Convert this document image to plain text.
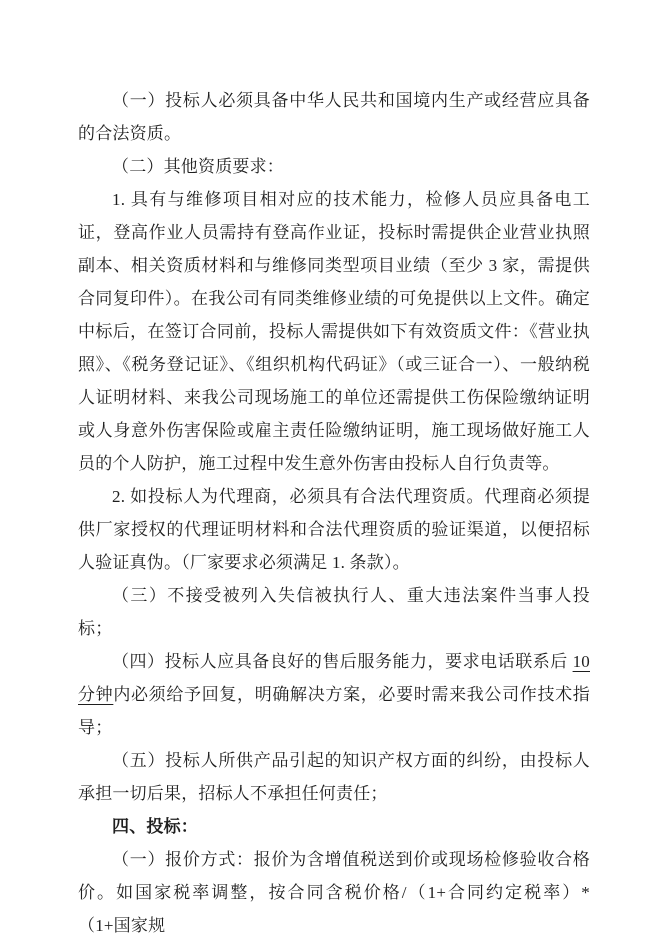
（一）投标人必须具备中华人民共和国境内生产或经营应具备的合法资质。

（二）其他资质要求：

1. 具有与维修项目相对应的技术能力，检修人员应具备电工证，登高作业人员需持有登高作业证，投标时需提供企业营业执照副本、相关资质材料和与维修同类型项目业绩（至少 3 家，需提供合同复印件）。在我公司有同类维修业绩的可免提供以上文件。确定中标后，在签订合同前，投标人需提供如下有效资质文件：《营业执照》、《税务登记证》、《组织机构代码证》（或三证合一）、一般纳税人证明材料、来我公司现场施工的单位还需提供工伤保险缴纳证明或人身意外伤害保险或雇主责任险缴纳证明，施工现场做好施工人员的个人防护，施工过程中发生意外伤害由投标人自行负责等。

2. 如投标人为代理商，必须具有合法代理资质。代理商必须提供厂家授权的代理证明材料和合法代理资质的验证渠道，以便招标人验证真伪。（厂家要求必须满足 1. 条款）。

（三）不接受被列入失信被执行人、重大违法案件当事人投标；

（四）投标人应具备良好的售后服务能力，要求电话联系后 10 分钟内必须给予回复，明确解决方案，必要时需来我公司作技术指导；

（五）投标人所供产品引起的知识产权方面的纠纷，由投标人承担一切后果，招标人不承担任何责任；

四、投标：

（一）报价方式：报价为含增值税送到价或现场检修验收合格价。如国家税率调整，按合同含税价格/（1+合同约定税率）*（1+国家规
